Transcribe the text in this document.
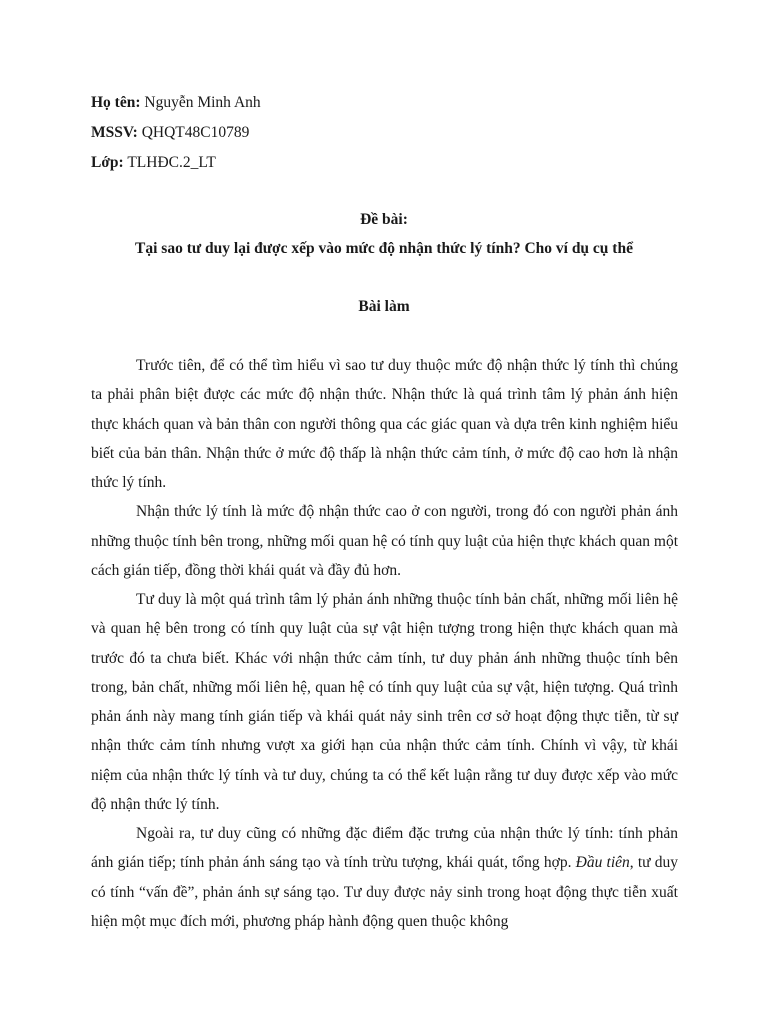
Họ tên: Nguyễn Minh Anh
MSSV: QHQT48C10789
Lớp: TLHĐC.2_LT
Đề bài:
Tại sao tư duy lại được xếp vào mức độ nhận thức lý tính? Cho ví dụ cụ thể
Bài làm

Trước tiên, để có thể tìm hiểu vì sao tư duy thuộc mức độ nhận thức lý tính thì chúng ta phải phân biệt được các mức độ nhận thức. Nhận thức là quá trình tâm lý phản ánh hiện thực khách quan và bản thân con người thông qua các giác quan và dựa trên kinh nghiệm hiểu biết của bản thân. Nhận thức ở mức độ thấp là nhận thức cảm tính, ở mức độ cao hơn là nhận thức lý tính.

Nhận thức lý tính là mức độ nhận thức cao ở con người, trong đó con người phản ánh những thuộc tính bên trong, những mối quan hệ có tính quy luật của hiện thực khách quan một cách gián tiếp, đồng thời khái quát và đầy đủ hơn.

Tư duy là một quá trình tâm lý phản ánh những thuộc tính bản chất, những mối liên hệ và quan hệ bên trong có tính quy luật của sự vật hiện tượng trong hiện thực khách quan mà trước đó ta chưa biết. Khác với nhận thức cảm tính, tư duy phản ánh những thuộc tính bên trong, bản chất, những mối liên hệ, quan hệ có tính quy luật của sự vật, hiện tượng. Quá trình phản ánh này mang tính gián tiếp và khái quát nảy sinh trên cơ sở hoạt động thực tiễn, từ sự nhận thức cảm tính nhưng vượt xa giới hạn của nhận thức cảm tính. Chính vì vậy, từ khái niệm của nhận thức lý tính và tư duy, chúng ta có thể kết luận rằng tư duy được xếp vào mức độ nhận thức lý tính.

Ngoài ra, tư duy cũng có những đặc điểm đặc trưng của nhận thức lý tính: tính phản ánh gián tiếp; tính phản ánh sáng tạo và tính trừu tượng, khái quát, tổng hợp. Đầu tiên, tư duy có tính “vấn đề”, phản ánh sự sáng tạo. Tư duy được nảy sinh trong hoạt động thực tiễn xuất hiện một mục đích mới, phương pháp hành động quen thuộc không
